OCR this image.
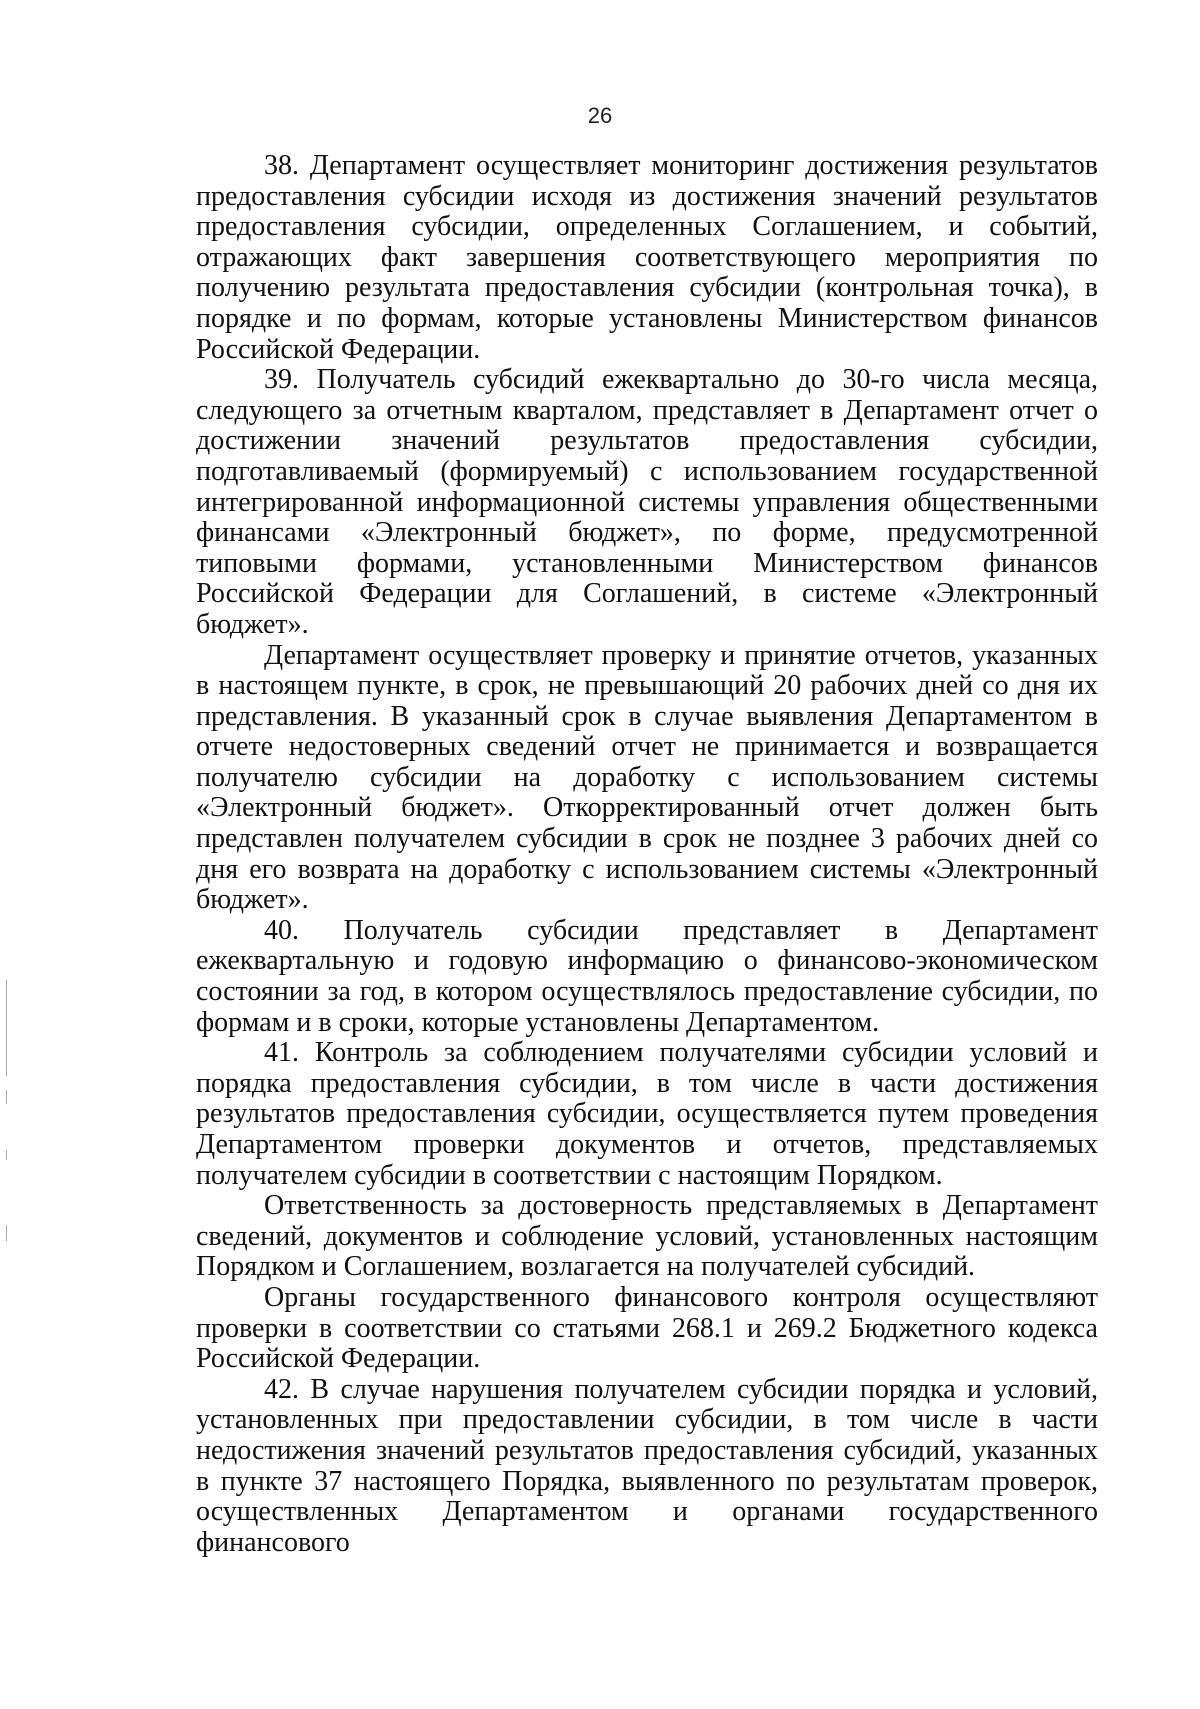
26

38. Департамент осуществляет мониторинг достижения результатов предоставления субсидии исходя из достижения значений результатов предоставления субсидии, определенных Соглашением, и событий, отражающих факт завершения соответствующего мероприятия по получению результата предоставления субсидии (контрольная точка), в порядке и по формам, которые установлены Министерством финансов Российской Федерации.

39. Получатель субсидий ежеквартально до 30-го числа месяца, следующего за отчетным кварталом, представляет в Департамент отчет о достижении значений результатов предоставления субсидии, подготавливаемый (формируемый) с использованием государственной интегрированной информационной системы управления общественными финансами «Электронный бюджет», по форме, предусмотренной типовыми формами, установленными Министерством финансов Российской Федерации для Соглашений, в системе «Электронный бюджет».

Департамент осуществляет проверку и принятие отчетов, указанных в настоящем пункте, в срок, не превышающий 20 рабочих дней со дня их представления. В указанный срок в случае выявления Департаментом в отчете недостоверных сведений отчет не принимается и возвращается получателю субсидии на доработку с использованием системы «Электронный бюджет». Откорректированный отчет должен быть представлен получателем субсидии в срок не позднее 3 рабочих дней со дня его возврата на доработку с использованием системы «Электронный бюджет».

40. Получатель субсидии представляет в Департамент ежеквартальную и годовую информацию о финансово-экономическом состоянии за год, в котором осуществлялось предоставление субсидии, по формам и в сроки, которые установлены Департаментом.

41. Контроль за соблюдением получателями субсидии условий и порядка предоставления субсидии, в том числе в части достижения результатов предоставления субсидии, осуществляется путем проведения Департаментом проверки документов и отчетов, представляемых получателем субсидии в соответствии с настоящим Порядком.

Ответственность за достоверность представляемых в Департамент сведений, документов и соблюдение условий, установленных настоящим Порядком и Соглашением, возлагается на получателей субсидий.

Органы государственного финансового контроля осуществляют проверки в соответствии со статьями 268.1 и 269.2 Бюджетного кодекса Российской Федерации.

42. В случае нарушения получателем субсидии порядка и условий, установленных при предоставлении субсидии, в том числе в части недостижения значений результатов предоставления субсидий, указанных в пункте 37 настоящего Порядка, выявленного по результатам проверок, осуществленных Департаментом и органами государственного финансового
